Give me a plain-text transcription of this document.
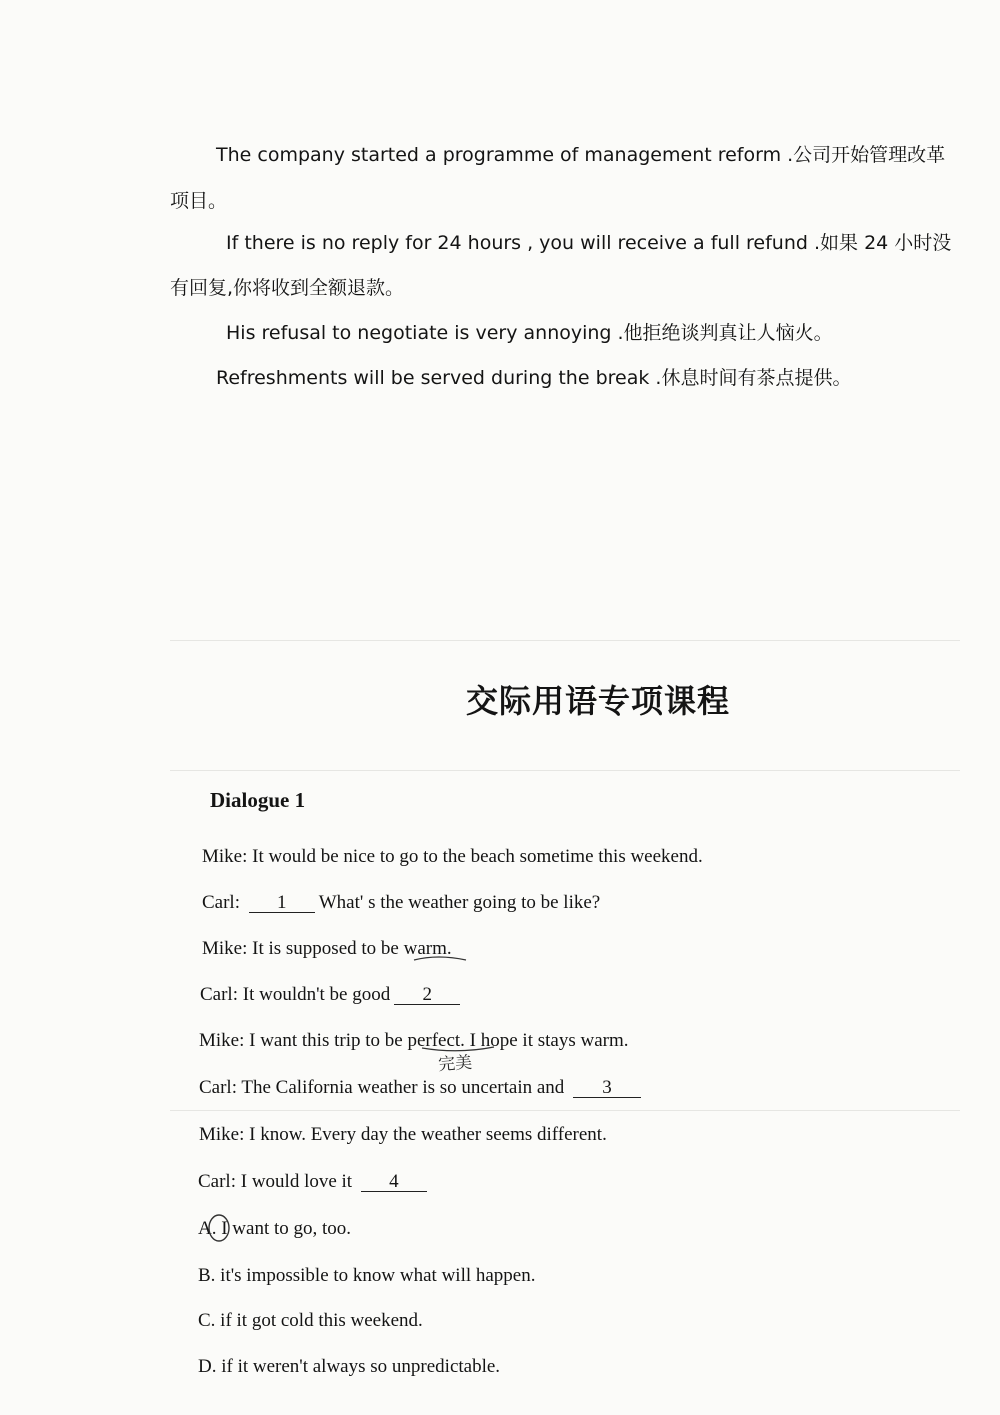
The company started a programme of management reform .公司开始管理改革
项目。
If there is no reply for 24 hours , you will receive a full refund .如果 24 小时没
有回复,你将收到全额退款。
His refusal to negotiate is very annoying .他拒绝谈判真让人恼火。
Refreshments will be served during the break .休息时间有茶点提供。
交际用语专项课程
Dialogue 1
Mike: It would be nice to go to the beach sometime this weekend.
Carl: 1 What' s the weather going to be like?
Mike: It is supposed to be warm.
Carl: It wouldn't be good 2
Mike: I want this trip to be perfect. I hope it stays warm.
Carl: The California weather is so uncertain and 3
Mike: I know. Every day the weather seems different.
Carl: I would love it 4
A. I want to go, too.
B. it's impossible to know what will happen.
C. if it got cold this weekend.
D. if it weren't always so unpredictable.
完美
